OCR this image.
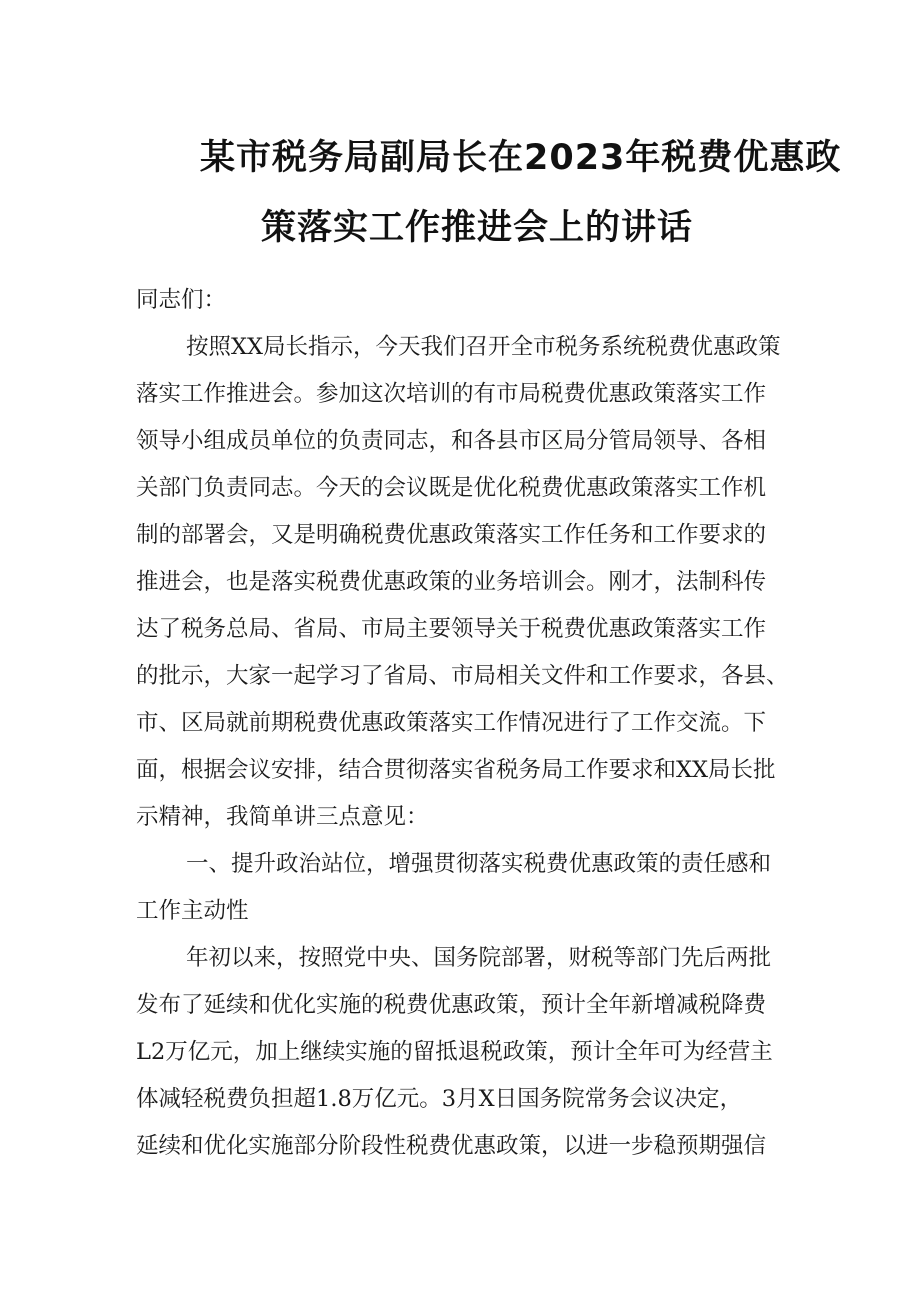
某市税务局副局长在2023年税费优惠政
策落实工作推进会上的讲话
同志们：
按照XX局长指示，今天我们召开全市税务系统税费优惠政策
落实工作推进会。参加这次培训的有市局税费优惠政策落实工作
领导小组成员单位的负责同志，和各县市区局分管局领导、各相
关部门负责同志。今天的会议既是优化税费优惠政策落实工作机
制的部署会，又是明确税费优惠政策落实工作任务和工作要求的
推进会，也是落实税费优惠政策的业务培训会。刚才，法制科传
达了税务总局、省局、市局主要领导关于税费优惠政策落实工作
的批示，大家一起学习了省局、市局相关文件和工作要求，各县、
市、区局就前期税费优惠政策落实工作情况进行了工作交流。下
面，根据会议安排，结合贯彻落实省税务局工作要求和XX局长批
示精神，我简单讲三点意见：
一、提升政治站位，增强贯彻落实税费优惠政策的责任感和
工作主动性
年初以来，按照党中央、国务院部署，财税等部门先后两批
发布了延续和优化实施的税费优惠政策，预计全年新增减税降费
L2万亿元，加上继续实施的留抵退税政策，预计全年可为经营主
体减轻税费负担超1.8万亿元。3月X日国务院常务会议决定，
延续和优化实施部分阶段性税费优惠政策，以进一步稳预期强信
